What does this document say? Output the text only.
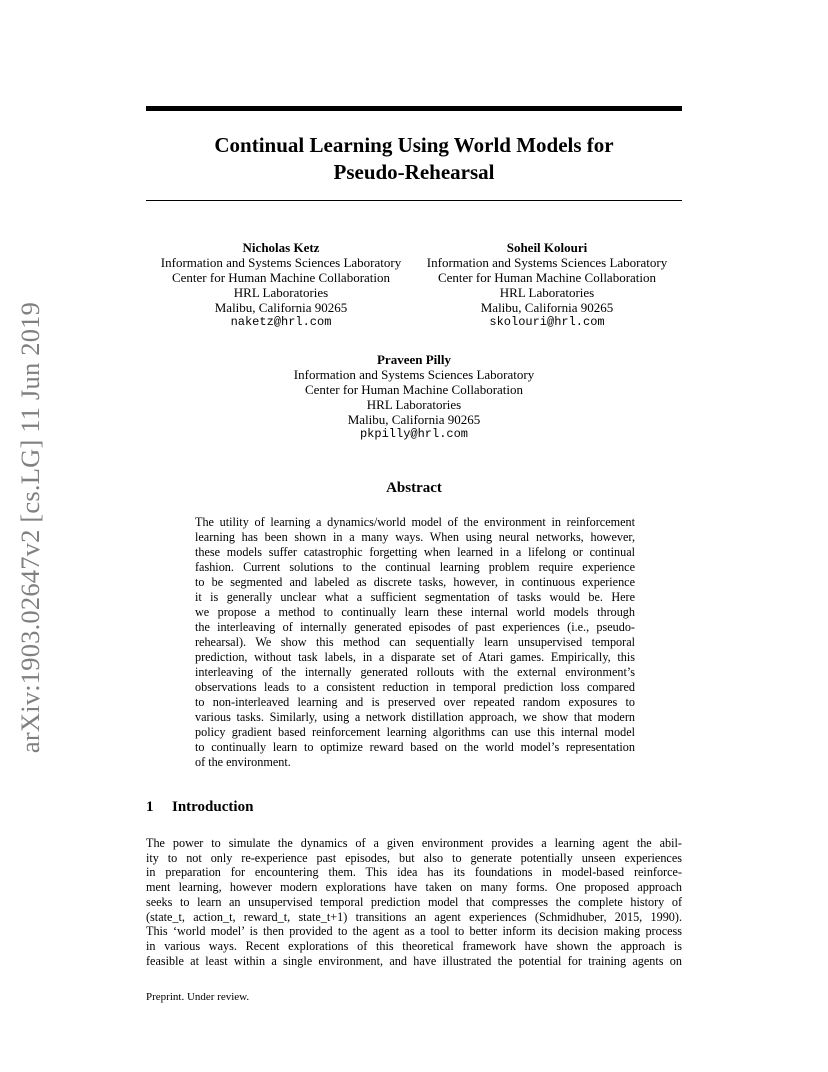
arXiv:1903.02647v2 [cs.LG] 11 Jun 2019
Continual Learning Using World Models for
Pseudo-Rehearsal
Nicholas Ketz
Information and Systems Sciences Laboratory
Center for Human Machine Collaboration
HRL Laboratories
Malibu, California 90265
naketz@hrl.com
Soheil Kolouri
Information and Systems Sciences Laboratory
Center for Human Machine Collaboration
HRL Laboratories
Malibu, California 90265
skolouri@hrl.com
Praveen Pilly
Information and Systems Sciences Laboratory
Center for Human Machine Collaboration
HRL Laboratories
Malibu, California 90265
pkpilly@hrl.com
Abstract
The utility of learning a dynamics/world model of the environment in reinforcement
learning has been shown in a many ways. When using neural networks, however,
these models suffer catastrophic forgetting when learned in a lifelong or continual
fashion. Current solutions to the continual learning problem require experience
to be segmented and labeled as discrete tasks, however, in continuous experience
it is generally unclear what a sufficient segmentation of tasks would be. Here
we propose a method to continually learn these internal world models through
the interleaving of internally generated episodes of past experiences (i.e., pseudo-
rehearsal). We show this method can sequentially learn unsupervised temporal
prediction, without task labels, in a disparate set of Atari games. Empirically, this
interleaving of the internally generated rollouts with the external environment’s
observations leads to a consistent reduction in temporal prediction loss compared
to non-interleaved learning and is preserved over repeated random exposures to
various tasks. Similarly, using a network distillation approach, we show that modern
policy gradient based reinforcement learning algorithms can use this internal model
to continually learn to optimize reward based on the world model’s representation
of the environment.
1 Introduction
The power to simulate the dynamics of a given environment provides a learning agent the abil-
ity to not only re-experience past episodes, but also to generate potentially unseen experiences
in preparation for encountering them. This idea has its foundations in model-based reinforce-
ment learning, however modern explorations have taken on many forms. One proposed approach
seeks to learn an unsupervised temporal prediction model that compresses the complete history of
(state_t, action_t, reward_t, state_t+1) transitions an agent experiences (Schmidhuber, 2015, 1990).
This ‘world model’ is then provided to the agent as a tool to better inform its decision making process
in various ways. Recent explorations of this theoretical framework have shown the approach is
feasible at least within a single environment, and have illustrated the potential for training agents on
Preprint. Under review.
